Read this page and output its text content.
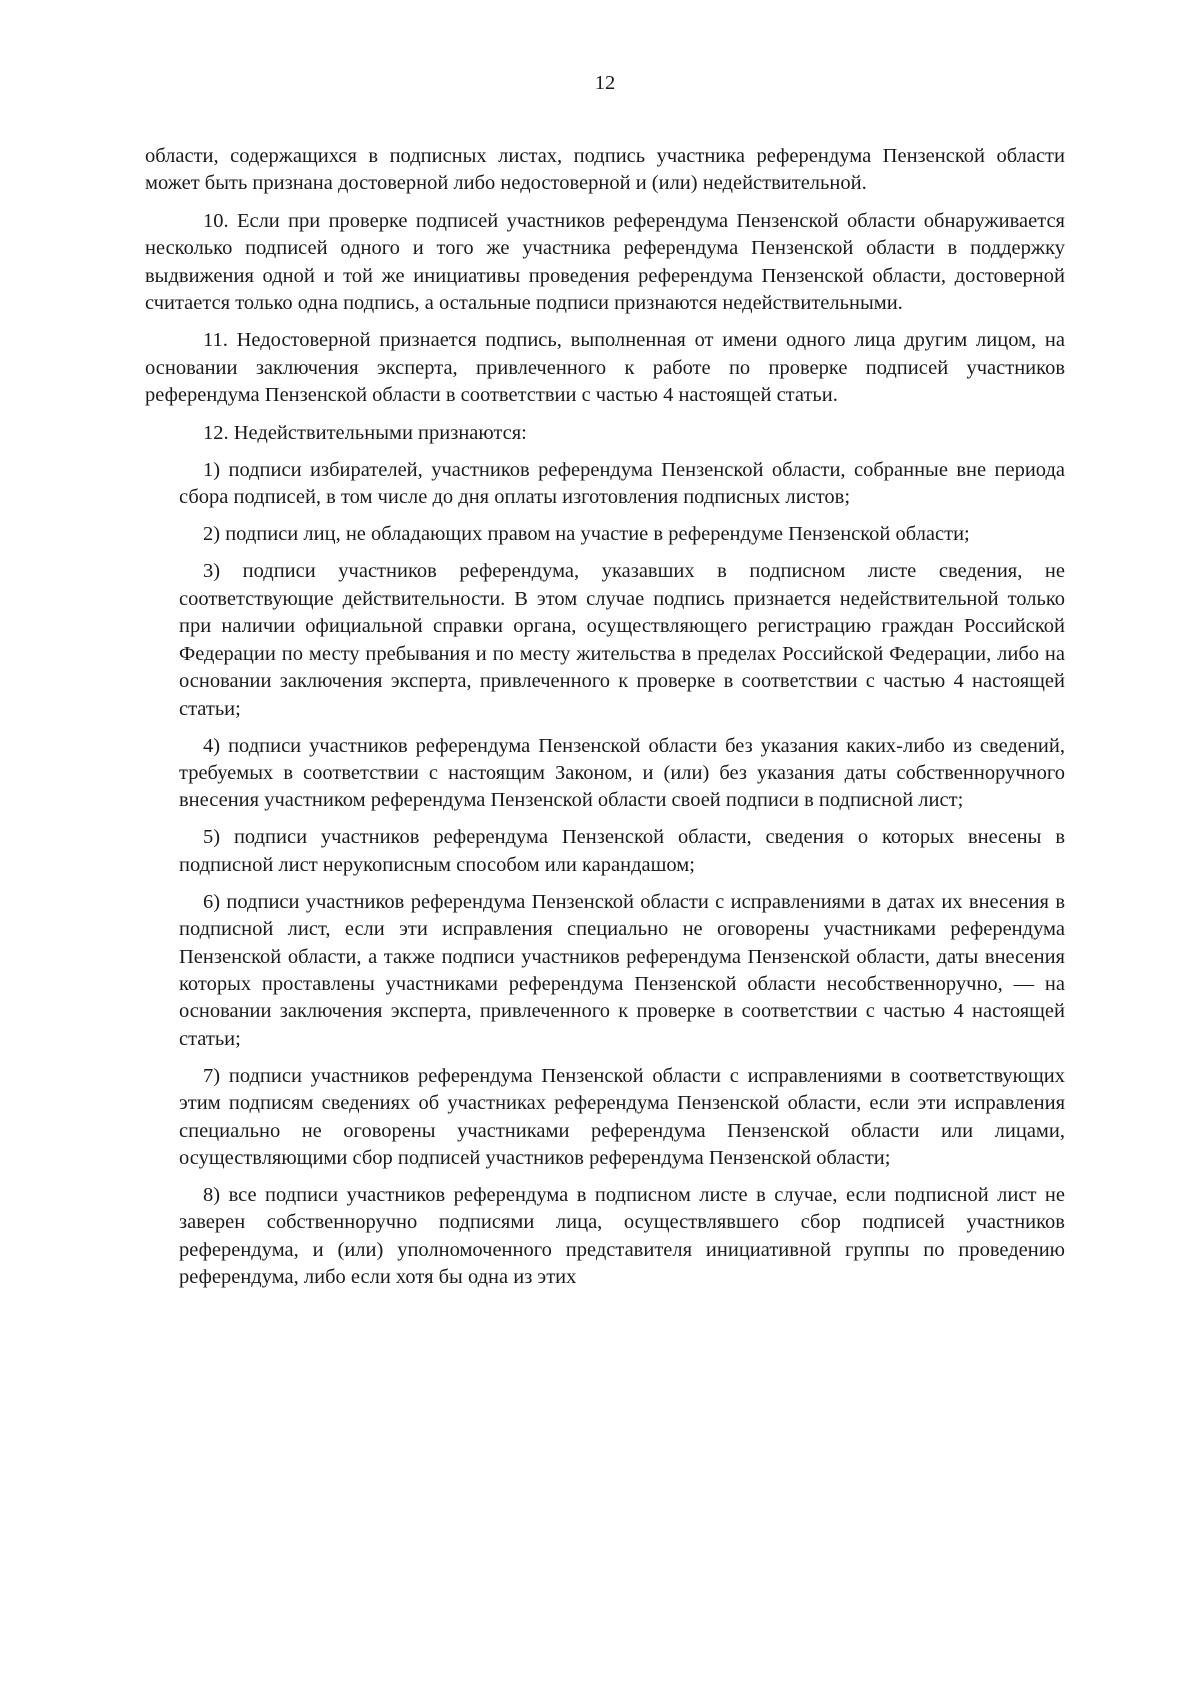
12

области, содержащихся в подписных листах, подпись участника референдума Пензенской области может быть признана достоверной либо недостоверной и (или) недействительной.

10. Если при проверке подписей участников референдума Пензенской области обнаруживается несколько подписей одного и того же участника референдума Пензенской области в поддержку выдвижения одной и той же инициативы проведения референдума Пензенской области, достоверной считается только одна подпись, а остальные подписи признаются недействительными.

11. Недостоверной признается подпись, выполненная от имени одного лица другим лицом, на основании заключения эксперта, привлеченного к работе по проверке подписей участников референдума Пензенской области в соответствии с частью 4 настоящей статьи.

12. Недействительными признаются:

1) подписи избирателей, участников референдума Пензенской области, собранные вне периода сбора подписей, в том числе до дня оплаты изготовления подписных листов;
2) подписи лиц, не обладающих правом на участие в референдуме Пензенской области;
3) подписи участников референдума, указавших в подписном листе сведения, не соответствующие действительности. В этом случае подпись признается недействительной только при наличии официальной справки органа, осуществляющего регистрацию граждан Российской Федерации по месту пребывания и по месту жительства в пределах Российской Федерации, либо на основании заключения эксперта, привлеченного к проверке в соответствии с частью 4 настоящей статьи;
4) подписи участников референдума Пензенской области без указания каких-либо из сведений, требуемых в соответствии с настоящим Законом, и (или) без указания даты собственноручного внесения участником референдума Пензенской области своей подписи в подписной лист;
5) подписи участников референдума Пензенской области, сведения о которых внесены в подписной лист нерукописным способом или карандашом;
6) подписи участников референдума Пензенской области с исправлениями в датах их внесения в подписной лист, если эти исправления специально не оговорены участниками референдума Пензенской области, а также подписи участников референдума Пензенской области, даты внесения которых проставлены участниками референдума Пензенской области несобственноручно, — на основании заключения эксперта, привлеченного к проверке в соответствии с частью 4 настоящей статьи;
7) подписи участников референдума Пензенской области с исправлениями в соответствующих этим подписям сведениях об участниках референдума Пензенской области, если эти исправления специально не оговорены участниками референдума Пензенской области или лицами, осуществляющими сбор подписей участников референдума Пензенской области;
8) все подписи участников референдума в подписном листе в случае, если подписной лист не заверен собственноручно подписями лица, осуществлявшего сбор подписей участников референдума, и (или) уполномоченного представителя инициативной группы по проведению референдума, либо если хотя бы одна из этих
